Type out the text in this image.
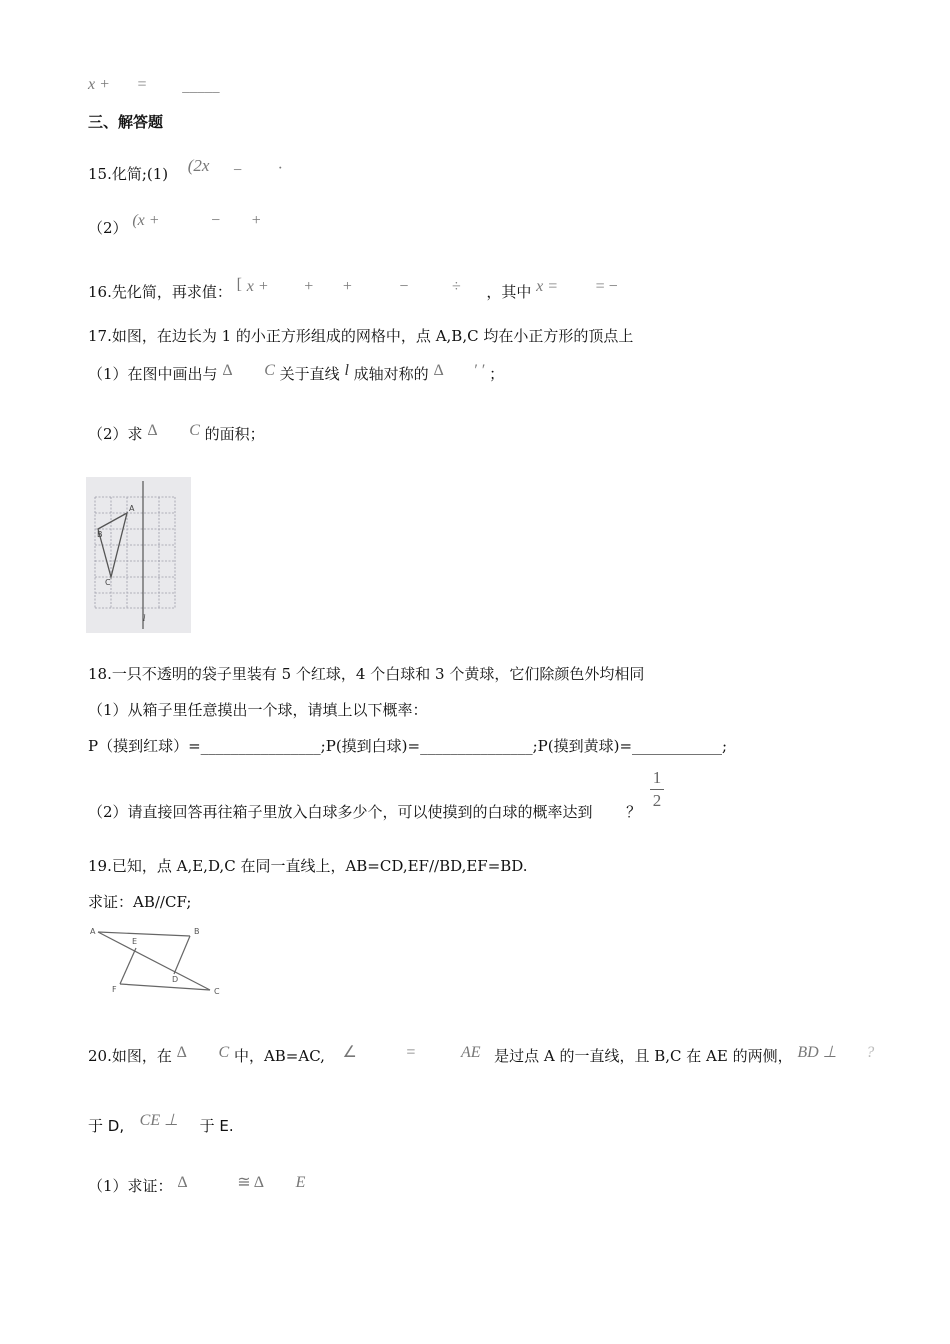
x + = _____
三、解答题
15.化简;(1) (2x − ·
（2） (x +	− +
16.先化简，再求值： [ x + + +	−	÷ ，其中 x = = −
17.如图，在边长为 1 的小正方形组成的网格中，点 A,B,C 均在小正方形的顶点上
（1）在图中画出与 Δ C 关于直线 l 成轴对称的 Δ ′ ′ ；
（2）求 Δ C 的面积；
A
B
C
l
18.一只不透明的袋子里装有 5 个红球，4 个白球和 3 个黄球，它们除颜色外均相同
（1）从箱子里任意摸出一个球，请填上以下概率：
P（摸到红球）=________________;P(摸到白球)=_______________;P(摸到黄球)=____________;
（2）请直接回答再往箱子里放入白球多少个，可以使摸到的白球的概率达到 ？
1
2
19.已知，点 A,E,D,C 在同一直线上，AB=CD,EF//BD,EF=BD.
求证：AB//CF;
A	B
E
D
F	C
20.如图，在 Δ C 中，AB=AC, ∠	=	AE 是过点 A 的一直线，且 B,C 在 AE 的两侧， BD ⊥ ?
于 D, CE ⊥ 于 E.
（1）求证： Δ	≅ Δ E
